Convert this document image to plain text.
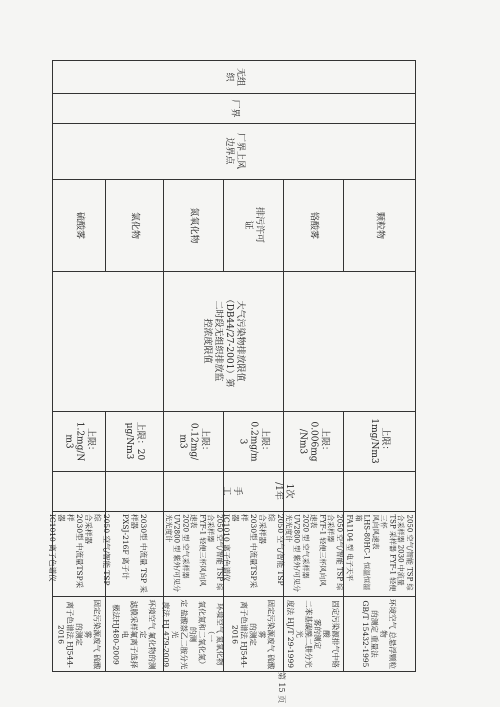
无组织
厂界
厂界上风
边界点
手
工
大气污染物排放限值
（DB44/27-2001）第
二时段无组织排放监
控浓度限值
排污许可
证
1次
/1年
硫酸雾
上限：
1.2mg/N
m3
2050 空气/智能 TSP 综
合采样器
2030型 中流量TSP采样
器
IC1010 离子色谱仪
固定污染源废气 硫酸雾
的测定
离子色谱法 HJ544-2016
氯化物
上限：20
μg/Nm3
2030型 中流量 TSP 采
样器
PXSJ-216F 离子计
环境空气 氟化物的测定
滤膜采样氟离子选择电
极法HJ480-2009
氮氧化物
上限：
0.12mg/
m3
2050 空气/智能 TSP 综
合采样器
FYF-1 轻便三杯风向风
速表
2020 型 空气采样器
UV2800 型 紫外/可见分
光光度计
环境空气 氮氧化物（一
氧化氮和二氧化氮）的测
定 盐酸萘乙二胺分光光
度法 HJ 479-2009
上限：
0.2mg/m
3
2050 空气/智能 TSP 综
合采样器
2030型 中流量TSP采样
器
IC1010 离子色谱仪
固定污染源废气 硫酸雾
的测定
离子色谱法 HJ544-2016
铬酸雾
上限：
0.006mg
/Nm3
2050 空气/智能 TSP 综
合采样器
FYF-1 轻便三杯风向风
速表
2020 型 空气采样器
UV2800 型 紫外/可见分
光光度计
固定污染源排气中铬酸
雾的测定
二苯基碳酰二肼分光光
度法 HJ/T 29-1999
颗粒物
上限：
1mg/Nm3
2050 空气/智能 TSP 综
合采样器 2030 中流量
TSP 采样器 FYF-1 轻便三杯
风向风速表
LHS-80HC-1 恒温恒湿箱
FA1104 型 电子天平
环境空气 总悬浮颗粒物
的测定 重量法
GB/T 15432-1995
第 15 页
